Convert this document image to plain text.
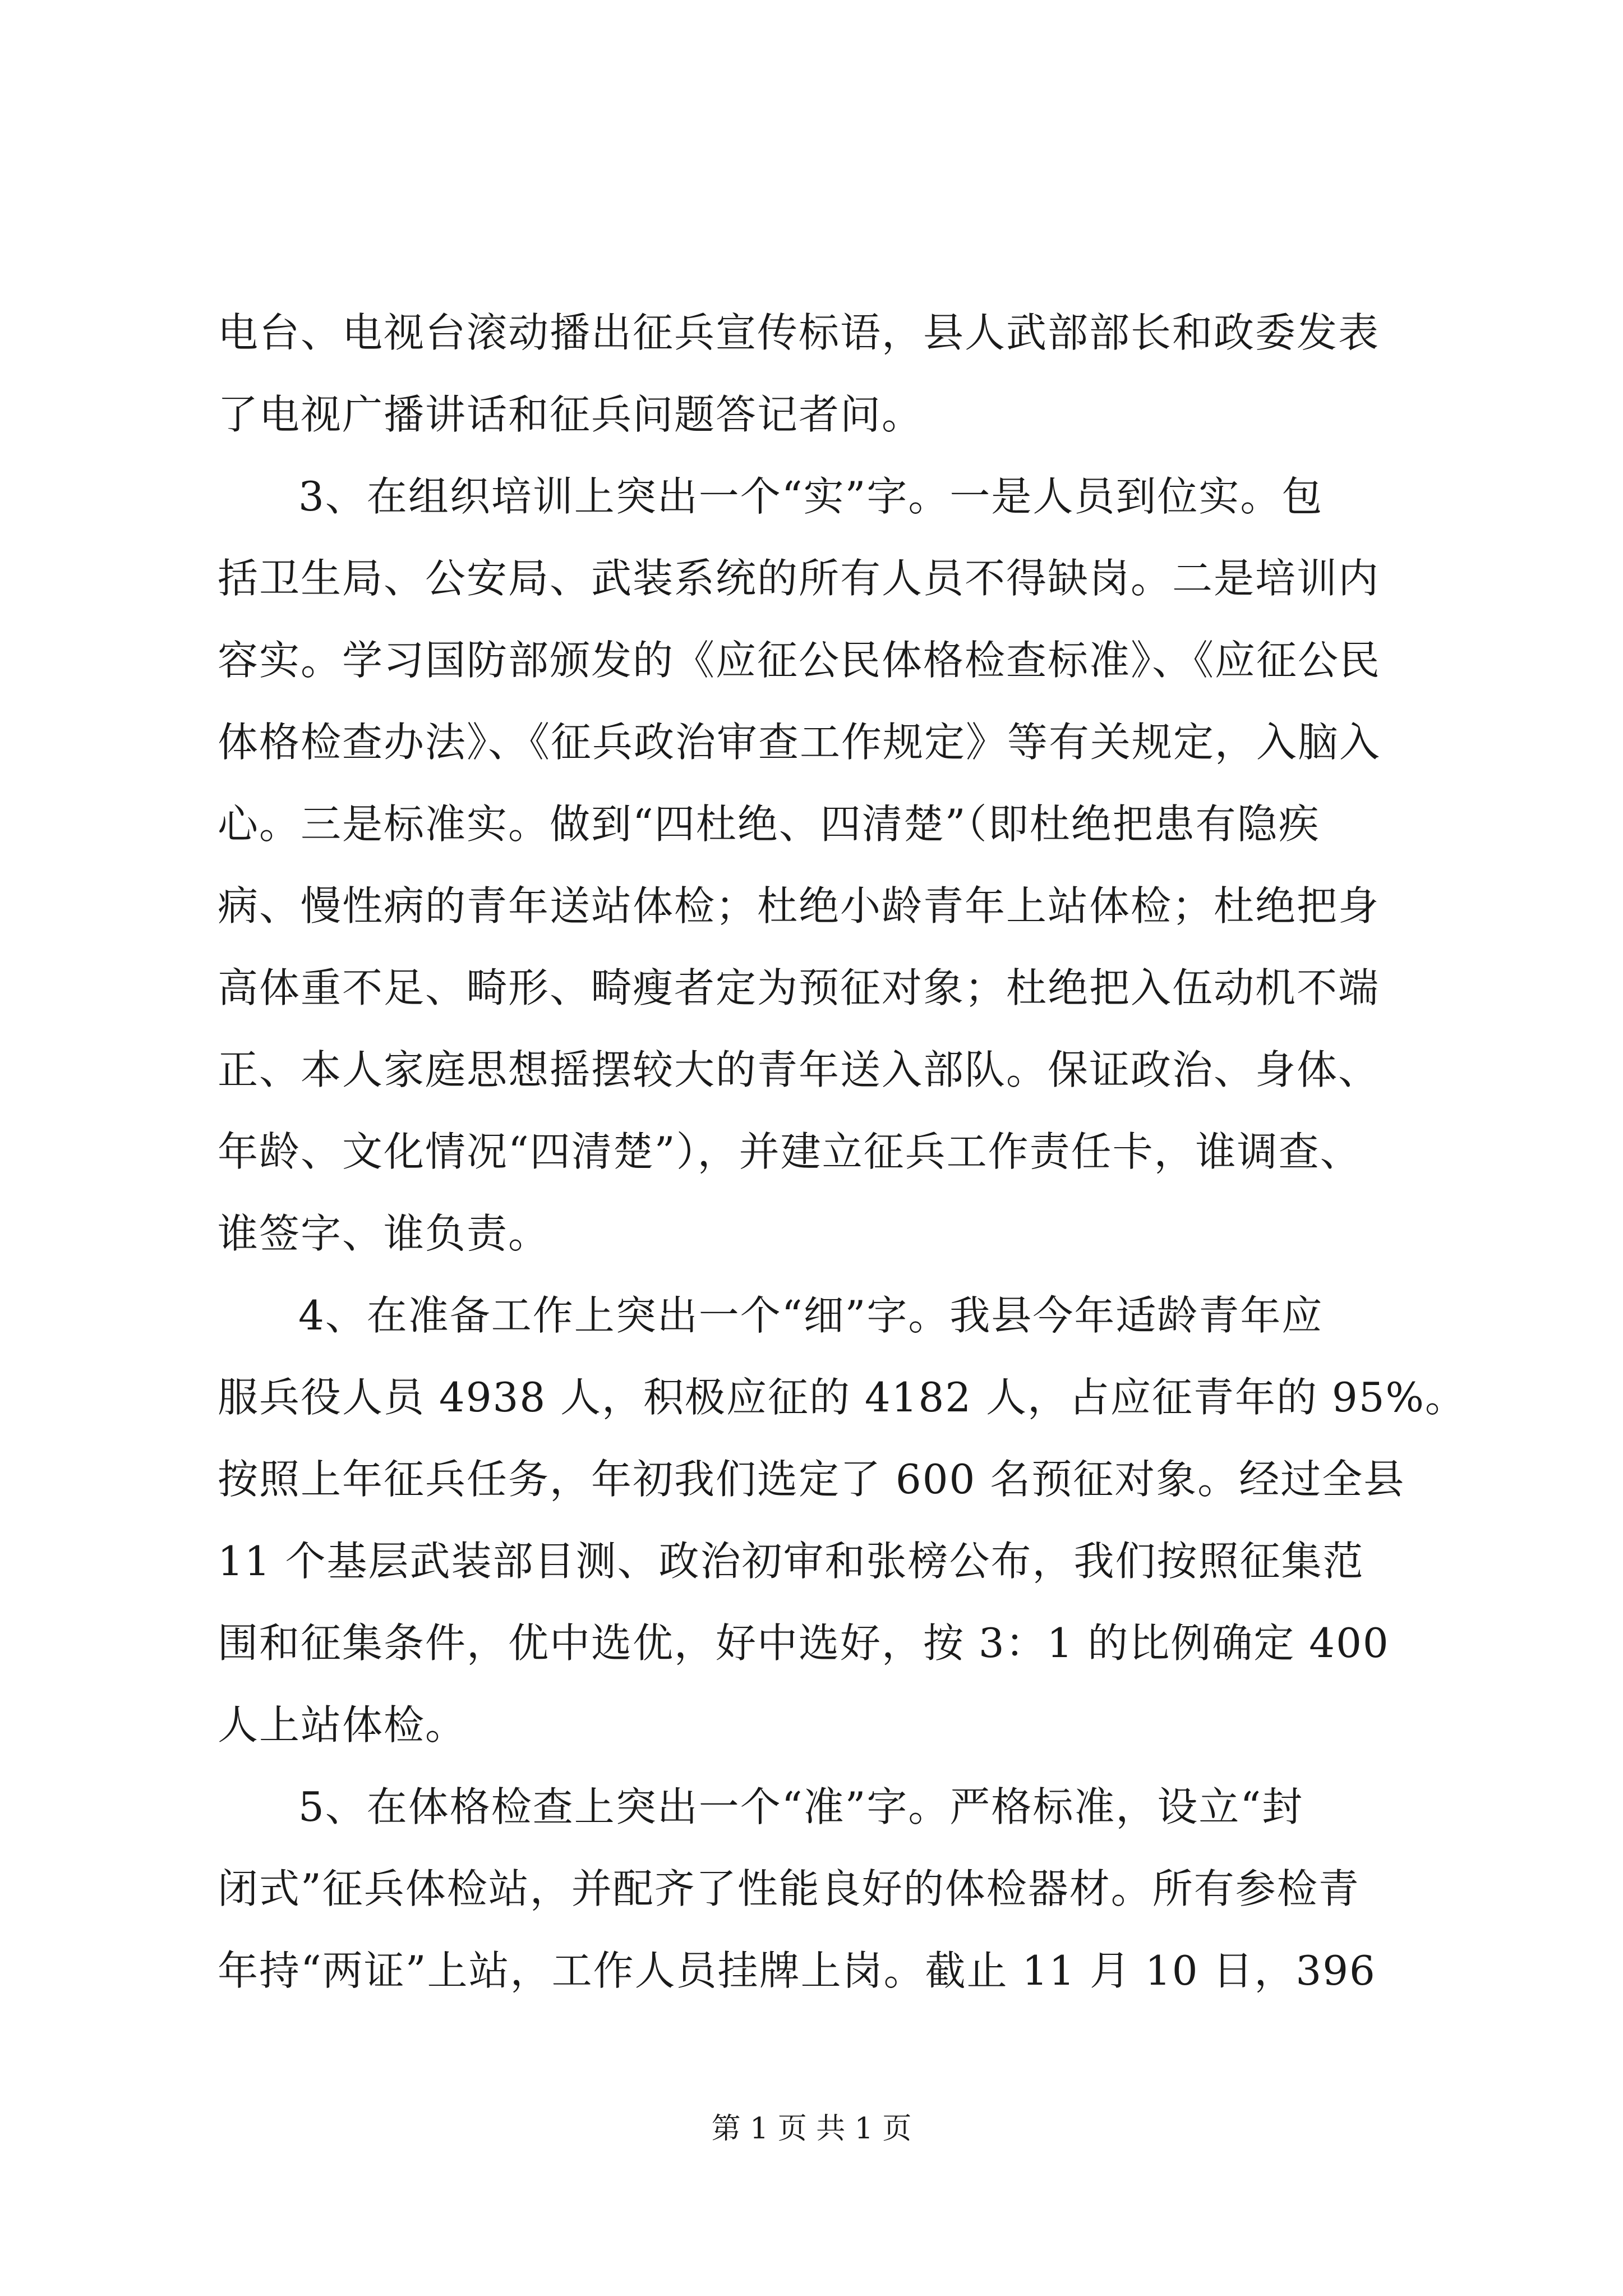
电台、电视台滚动播出征兵宣传标语，县人武部部长和政委发表
了电视广播讲话和征兵问题答记者问。
3、在组织培训上突出一个“实”字。一是人员到位实。包
括卫生局、公安局、武装系统的所有人员不得缺岗。二是培训内
容实。学习国防部颁发的《应征公民体格检查标准》、《应征公民
体格检查办法》、《征兵政治审查工作规定》等有关规定，入脑入
心。三是标准实。做到“四杜绝、四清楚”（即杜绝把患有隐疾
病、慢性病的青年送站体检；杜绝小龄青年上站体检；杜绝把身
高体重不足、畸形、畸瘦者定为预征对象；杜绝把入伍动机不端
正、本人家庭思想摇摆较大的青年送入部队。保证政治、身体、
年龄、文化情况“四清楚”），并建立征兵工作责任卡，谁调查、
谁签字、谁负责。
4、在准备工作上突出一个“细”字。我县今年适龄青年应
服兵役人员 4938 人，积极应征的 4182 人，占应征青年的 95%。
按照上年征兵任务，年初我们选定了 600 名预征对象。经过全县
11 个基层武装部目测、政治初审和张榜公布，我们按照征集范
围和征集条件，优中选优，好中选好，按 3：1 的比例确定 400
人上站体检。
5、在体格检查上突出一个“准”字。严格标准，设立“封
闭式”征兵体检站，并配齐了性能良好的体检器材。所有参检青
年持“两证”上站，工作人员挂牌上岗。截止 11 月 10 日，396
第 1 页 共 1 页
